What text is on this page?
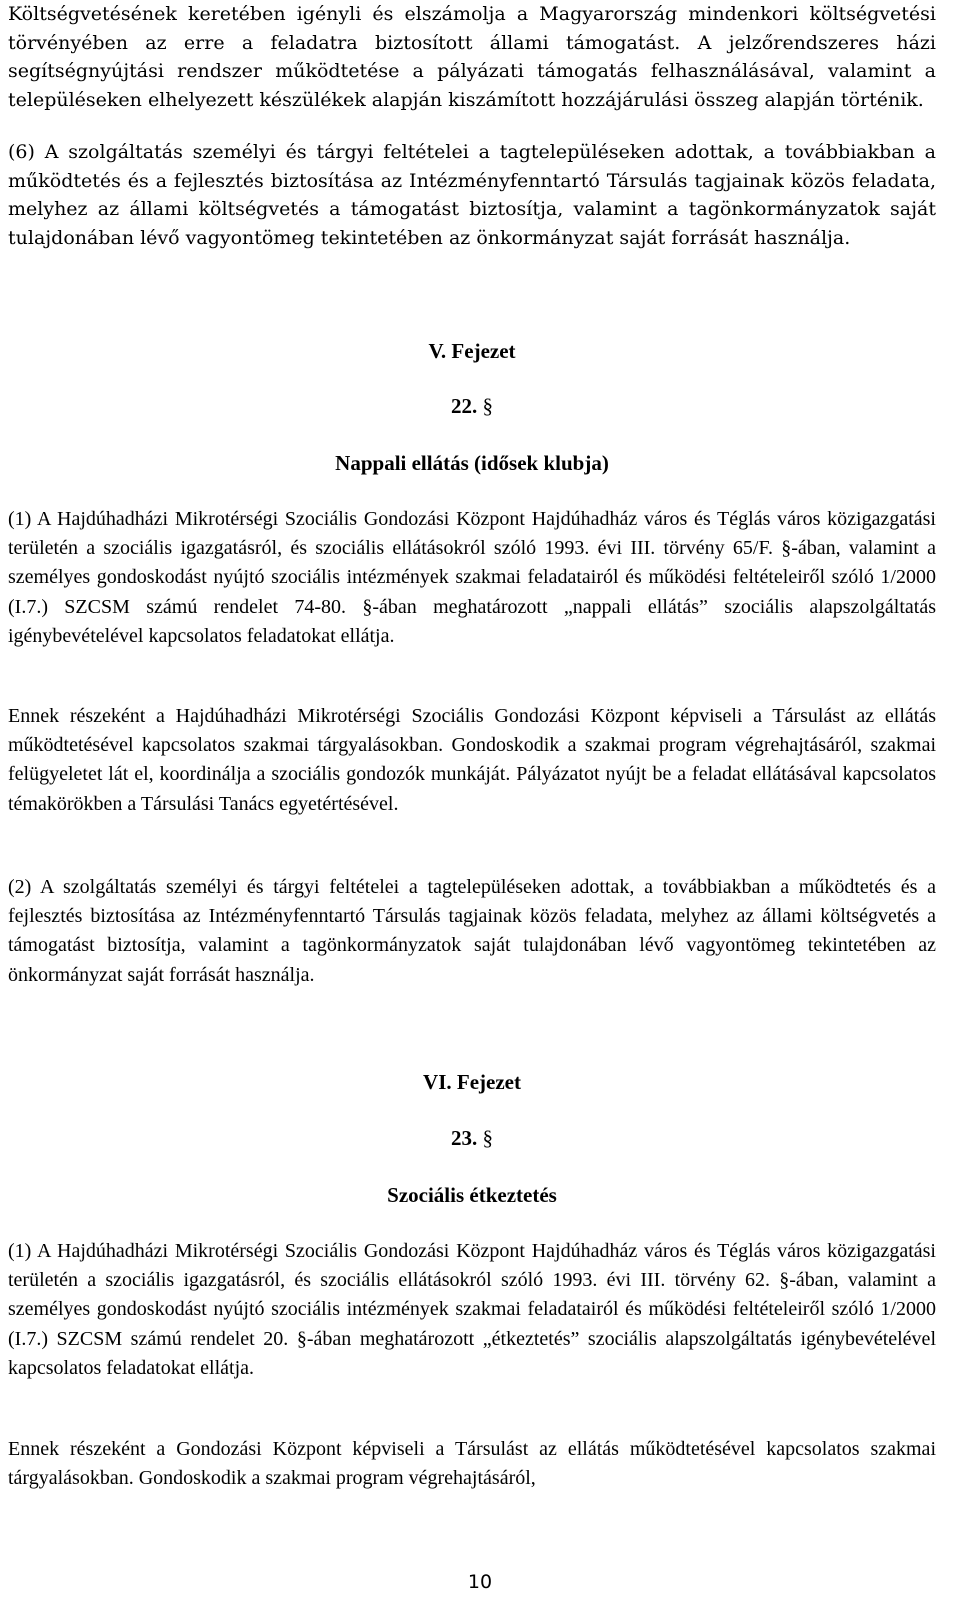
Költségvetésének keretében igényli és elszámolja a Magyarország mindenkori költségvetési törvényében az erre a feladatra biztosított állami támogatást. A jelzőrendszeres házi segítségnyújtási rendszer működtetése a pályázati támogatás felhasználásával, valamint a településeken elhelyezett készülékek alapján kiszámított hozzájárulási összeg alapján történik.

(6) A szolgáltatás személyi és tárgyi feltételei a tagtelepüléseken adottak, a továbbiakban a működtetés és a fejlesztés biztosítása az Intézményfenntartó Társulás tagjainak közös feladata, melyhez az állami költségvetés a támogatást biztosítja, valamint a tagönkormányzatok saját tulajdonában lévő vagyontömeg tekintetében az önkormányzat saját forrását használja.

V. Fejezet
22. §
Nappali ellátás (idősek klubja)

(1) A Hajdúhadházi Mikrotérségi Szociális Gondozási Központ Hajdúhadház város és Téglás város közigazgatási területén a szociális igazgatásról, és szociális ellátásokról szóló 1993. évi III. törvény 65/F. §-ában, valamint a személyes gondoskodást nyújtó szociális intézmények szakmai feladatairól és működési feltételeiről szóló 1/2000 (I.7.) SZCSM számú rendelet 74-80. §-ában meghatározott „nappali ellátás” szociális alapszolgáltatás igénybevételével kapcsolatos feladatokat ellátja.

Ennek részeként a Hajdúhadházi Mikrotérségi Szociális Gondozási Központ képviseli a Társulást az ellátás működtetésével kapcsolatos szakmai tárgyalásokban. Gondoskodik a szakmai program végrehajtásáról, szakmai felügyeletet lát el, koordinálja a szociális gondozók munkáját. Pályázatot nyújt be a feladat ellátásával kapcsolatos témakörökben a Társulási Tanács egyetértésével.

(2) A szolgáltatás személyi és tárgyi feltételei a tagtelepüléseken adottak, a továbbiakban a működtetés és a fejlesztés biztosítása az Intézményfenntartó Társulás tagjainak közös feladata, melyhez az állami költségvetés a támogatást biztosítja, valamint a tagönkormányzatok saját tulajdonában lévő vagyontömeg tekintetében az önkormányzat saját forrását használja.

VI. Fejezet
23. §
Szociális étkeztetés

(1) A Hajdúhadházi Mikrotérségi Szociális Gondozási Központ Hajdúhadház város és Téglás város közigazgatási területén a szociális igazgatásról, és szociális ellátásokról szóló 1993. évi III. törvény 62. §-ában, valamint a személyes gondoskodást nyújtó szociális intézmények szakmai feladatairól és működési feltételeiről szóló 1/2000 (I.7.) SZCSM számú rendelet 20. §-ában meghatározott „étkeztetés” szociális alapszolgáltatás igénybevételével kapcsolatos feladatokat ellátja.

Ennek részeként a Gondozási Központ képviseli a Társulást az ellátás működtetésével kapcsolatos szakmai tárgyalásokban. Gondoskodik a szakmai program végrehajtásáról,

10
